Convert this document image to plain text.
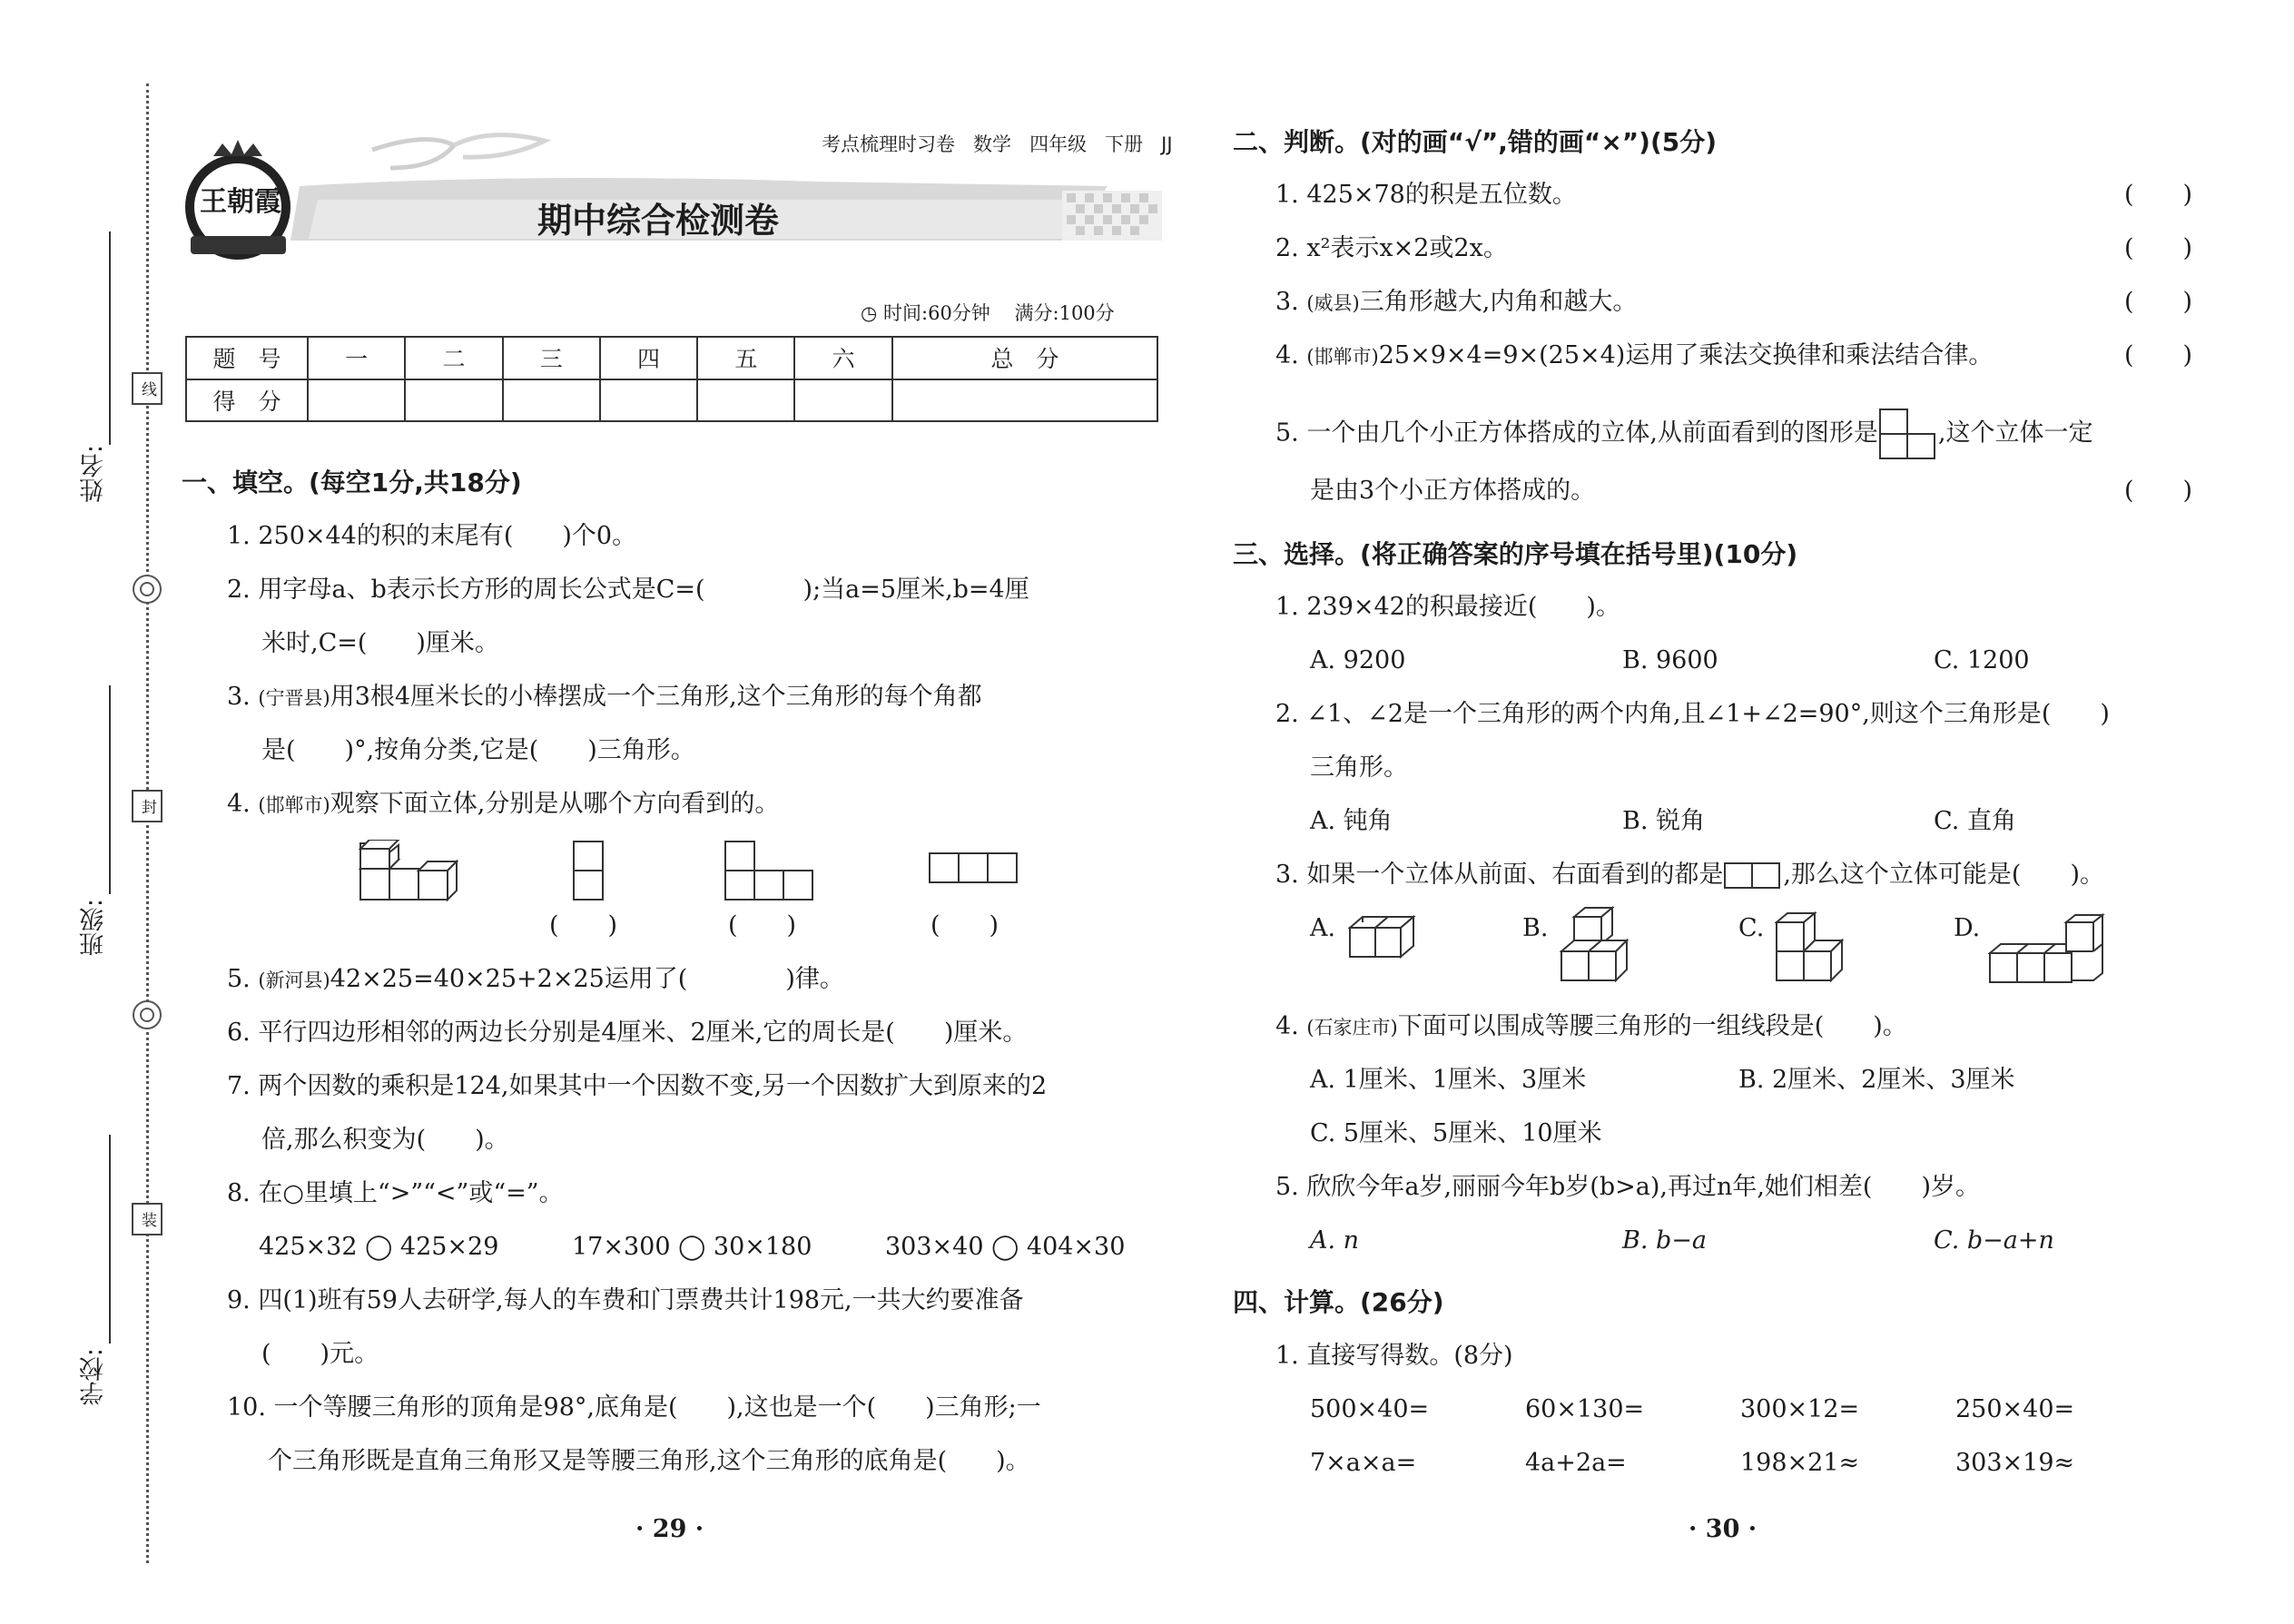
姓名:
班级:
学校:
线
封
装
王朝霞
考点梳理时习卷 数学 四年级 下册 JJ
期中综合检测卷
◷ 时间:60分钟 满分:100分
题　号	一	二	三	四	五	六	总　分
得　分							
一、填空。(每空1分,共18分)
1. 250×44的积的末尾有(　　)个0。
2. 用字母a、b表示长方形的周长公式是C=(　　　　);当a=5厘米,b=4厘
米时,C=(　　)厘米。
3. (宁晋县)用3根4厘米长的小棒摆成一个三角形,这个三角形的每个角都
是(　　)°,按角分类,它是(　　)三角形。
4. (邯郸市)观察下面立体,分别是从哪个方向看到的。
(　　)	(　　)	(　　)
5. (新河县)42×25=40×25+2×25运用了(　　　　)律。
6. 平行四边形相邻的两边长分别是4厘米、2厘米,它的周长是(　　)厘米。
7. 两个因数的乘积是124,如果其中一个因数不变,另一个因数扩大到原来的2
倍,那么积变为(　　)。
8. 在○里填上“>”“<”或“=”。
425×32 ◯ 425×29	17×300 ◯ 30×180	303×40 ◯ 404×30
9. 四(1)班有59人去研学,每人的车费和门票费共计198元,一共大约要准备
(　　)元。
10. 一个等腰三角形的顶角是98°,底角是(　　),这也是一个(　　)三角形;一
个三角形既是直角三角形又是等腰三角形,这个三角形的底角是(　　)。
· 29 ·
二、判断。(对的画“√”,错的画“×”)(5分)
1. 425×78的积是五位数。	(　　)
2. x²表示x×2或2x。	(　　)
3. (威县)三角形越大,内角和越大。	(　　)
4. (邯郸市)25×9×4=9×(25×4)运用了乘法交换律和乘法结合律。	(　　)
5. 一个由几个小正方体搭成的立体,从前面看到的图形是 ,这个立体一定
是由3个小正方体搭成的。	(　　)
三、选择。(将正确答案的序号填在括号里)(10分)
1. 239×42的积最接近(　　)。
A. 9200	B. 9600	C. 1200
2. ∠1、∠2是一个三角形的两个内角,且∠1+∠2=90°,则这个三角形是(　　)
三角形。
A. 钝角	B. 锐角	C. 直角
3. 如果一个立体从前面、右面看到的都是 ,那么这个立体可能是(　　)。
A.	B.	C.	D.
4. (石家庄市)下面可以围成等腰三角形的一组线段是(　　)。
A. 1厘米、1厘米、3厘米	B. 2厘米、2厘米、3厘米
C. 5厘米、5厘米、10厘米
5. 欣欣今年a岁,丽丽今年b岁(b>a),再过n年,她们相差(　　)岁。
A. n	B. b−a	C. b−a+n
四、计算。(26分)
1. 直接写得数。(8分)
500×40=	60×130=	300×12=	250×40=
7×a×a=	4a+2a=	198×21≈	303×19≈
· 30 ·
